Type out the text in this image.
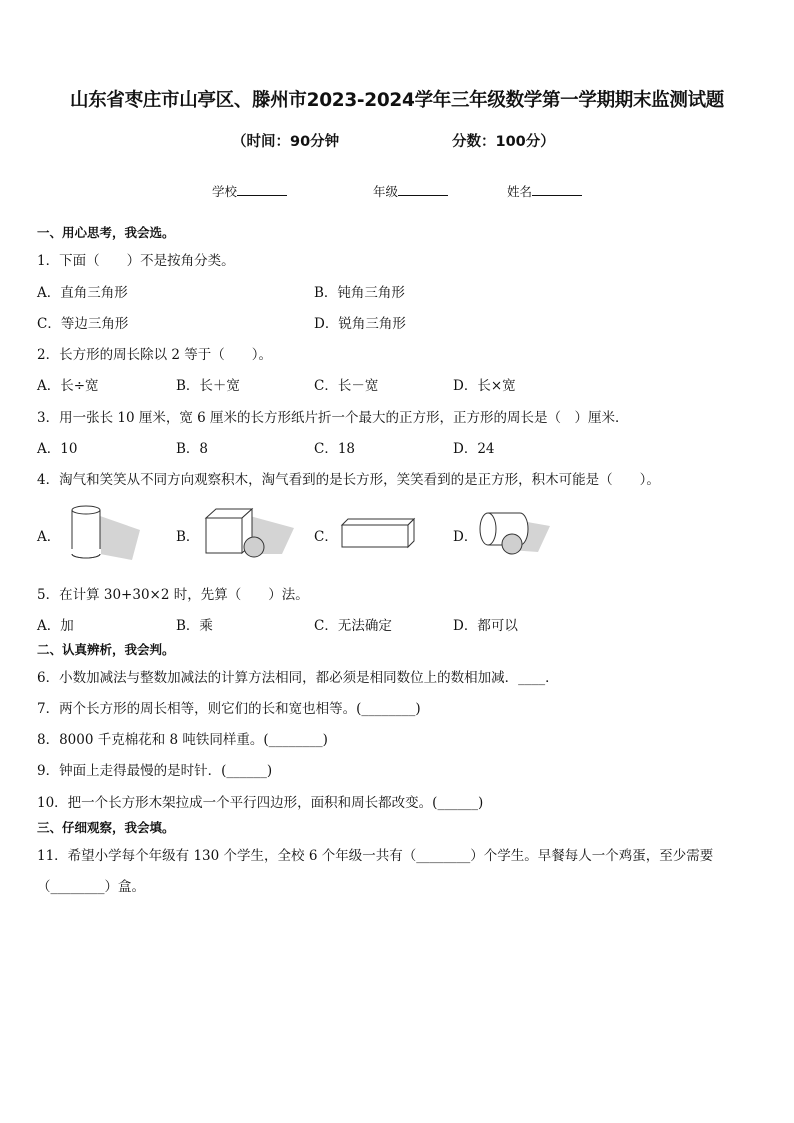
山东省枣庄市山亭区、滕州市2023-2024学年三年级数学第一学期期末监测试题
（时间：90分钟	分数：100分）
学校	年级	姓名
一、用心思考，我会选。
1．下面（　　）不是按角分类。
A．直角三角形	B．钝角三角形
C．等边三角形	D．锐角三角形
2．长方形的周长除以 2 等于（　　）。
A．长÷宽	B．长＋宽	C．长－宽	D．长×宽
3．用一张长 10 厘米，宽 6 厘米的长方形纸片折一个最大的正方形，正方形的周长是（　）厘米．
A．10	B．8	C．18	D．24
4．淘气和笑笑从不同方向观察积木，淘气看到的是长方形，笑笑看到的是正方形，积木可能是（　　）。
A．	B．	C．	D．
5．在计算 30+30×2 时，先算（　　）法。
A．加	B．乘	C．无法确定	D．都可以
二、认真辨析，我会判。
6．小数加减法与整数加减法的计算方法相同，都必须是相同数位上的数相加减．____．
7．两个长方形的周长相等，则它们的长和宽也相等。(________)
8．8000 千克棉花和 8 吨铁同样重。(________)
9．钟面上走得最慢的是时针．(______)
10．把一个长方形木架拉成一个平行四边形，面积和周长都改变。(______)
三、仔细观察，我会填。
11．希望小学每个年级有 130 个学生，全校 6 个年级一共有（________）个学生。早餐每人一个鸡蛋，至少需要
（________）盒。
